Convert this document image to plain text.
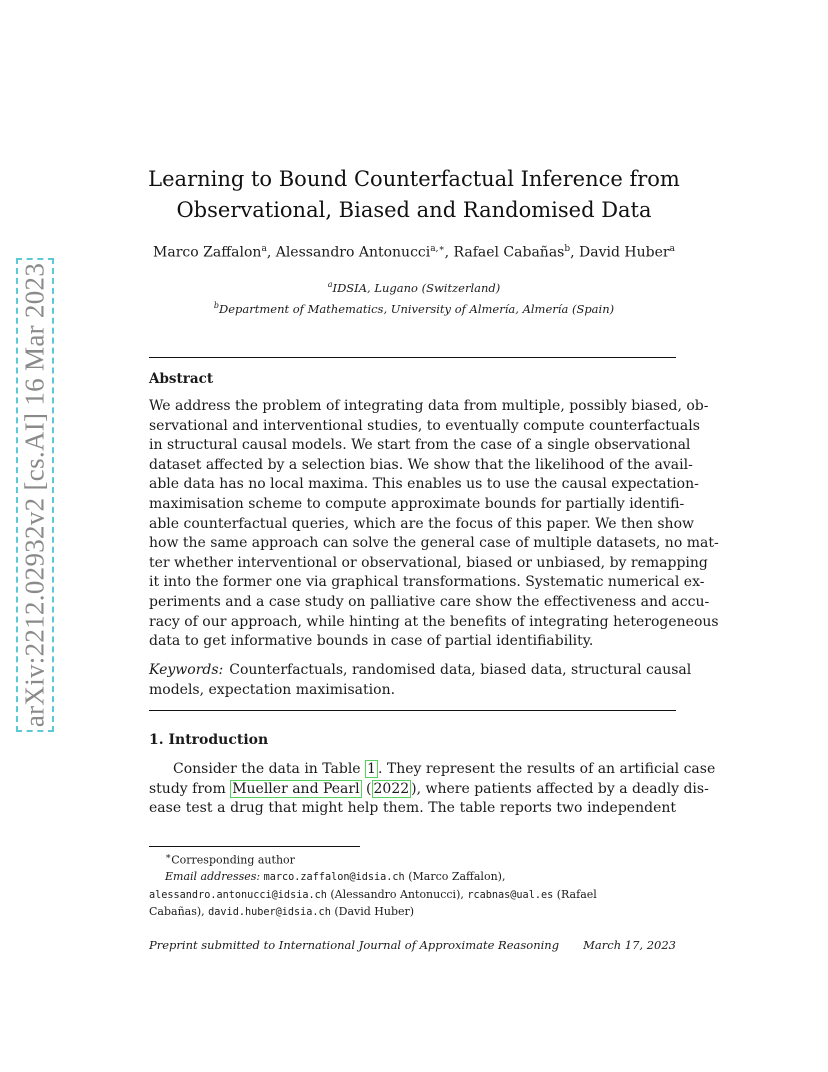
arXiv:2212.02932v2 [cs.AI] 16 Mar 2023
Learning to Bound Counterfactual Inference from
Observational, Biased and Randomised Data
Marco Zaffalon$^a$, Alessandro Antonucci$^{a,∗}$, Rafael Cabañas$^b$, David Huber$^a$
$^a$IDSIA, Lugano (Switzerland)
$^b$Department of Mathematics, University of Almería, Almería (Spain)
Abstract
We address the problem of integrating data from multiple, possibly biased, ob-
servational and interventional studies, to eventually compute counterfactuals
in structural causal models. We start from the case of a single observational
dataset affected by a selection bias. We show that the likelihood of the avail-
able data has no local maxima. This enables us to use the causal expectation-
maximisation scheme to compute approximate bounds for partially identifi-
able counterfactual queries, which are the focus of this paper. We then show
how the same approach can solve the general case of multiple datasets, no mat-
ter whether interventional or observational, biased or unbiased, by remapping
it into the former one via graphical transformations. Systematic numerical ex-
periments and a case study on palliative care show the effectiveness and accu-
racy of our approach, while hinting at the benefits of integrating heterogeneous
data to get informative bounds in case of partial identifiability.
Keywords: Counterfactuals, randomised data, biased data, structural causal
models, expectation maximisation.
1. Introduction
Consider the data in Table 1 . They represent the results of an artificial case
study from Mueller and Pearl ( 2022 ), where patients affected by a deadly dis-
ease test a drug that might help them. The table reports two independent
∗Corresponding author
Email addresses: marco.zaffalon@idsia.ch (Marco Zaffalon),
alessandro.antonucci@idsia.ch (Alessandro Antonucci), rcabnas@ual.es (Rafael
Cabañas), david.huber@idsia.ch (David Huber)
Preprint submitted to International Journal of Approximate Reasoning March 17, 2023
